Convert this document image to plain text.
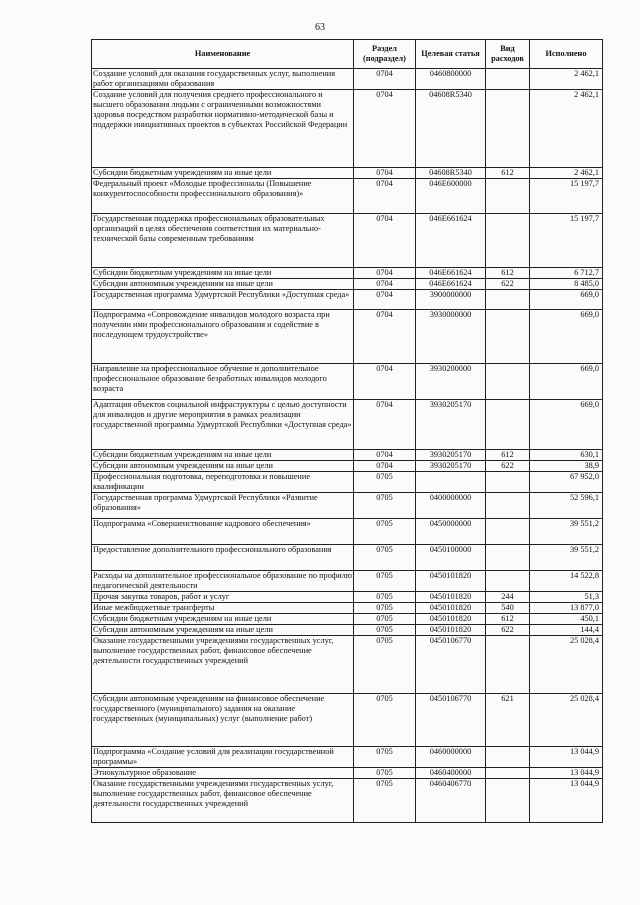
63
Наименование	Раздел (подраздел)	Целевая статья	Вид расходов	Исполнено
Создание условий для оказания государственных услуг, выполнения работ организациями образования	0704	0460800000		2 462,1
Создание условий для получения среднего профессионального и высшего образования людьми с ограниченными возможностями здоровья посредством разработки нормативно-методической базы и поддержки инициативных проектов в субъектах Российской Федерации	0704	04608R5340		2 462,1
Субсидии бюджетным учреждениям на иные цели	0704	04608R5340	612	2 462,1
Федеральный проект «Молодые профессионалы (Повышение конкурентоспособности профессионального образования)»	0704	046E600000		15 197,7
Государственная поддержка профессиональных образовательных организаций в целях обеспечения соответствия их материально-технической базы современным требованиям	0704	046E661624		15 197,7
Субсидии бюджетным учреждениям на иные цели	0704	046E661624	612	6 712,7
Субсидии автономным учреждениям на иные цели	0704	046E661624	622	8 485,0
Государственная программа Удмуртской Республики «Доступная среда»	0704	3900000000		669,0
Подпрограмма «Сопровождение инвалидов молодого возраста при получении ими профессионального образования и содействие в последующем трудоустройстве»	0704	3930000000		669,0
Направление на профессиональное обучение и дополнительное профессиональное образование безработных инвалидов молодого возраста	0704	3930200000		669,0
Адаптация объектов социальной инфраструктуры с целью доступности для инвалидов и другие мероприятия в рамках реализации государственной программы Удмуртской Республики «Доступная среда»	0704	3930205170		669,0
Субсидии бюджетным учреждениям на иные цели	0704	3930205170	612	630,1
Субсидии автономным учреждениям на иные цели	0704	3930205170	622	38,9
Профессиональная подготовка, переподготовка и повышение квалификации	0705			67 952,0
Государственная программа Удмуртской Республики «Развитие образования»	0705	0400000000		52 596,1
Подпрограмма «Совершенствование кадрового обеспечения»	0705	0450000000		39 551,2
Предоставление дополнительного профессионального образования	0705	0450100000		39 551,2
Расходы на дополнительное профессиональное образование по профилю педагогической деятельности	0705	0450101820		14 522,8
Прочая закупка товаров, работ и услуг	0705	0450101820	244	51,3
Иные межбюджетные трансферты	0705	0450101820	540	13 877,0
Субсидии бюджетным учреждениям на иные цели	0705	0450101820	612	450,1
Субсидии автономным учреждениям на иные цели	0705	0450101820	622	144,4
Оказание государственными учреждениями государственных услуг, выполнение государственных работ, финансовое обеспечение деятельности государственных учреждений	0705	0450106770		25 028,4
Субсидии автономным учреждениям на финансовое обеспечение государственного (муниципального) задания на оказание государственных (муниципальных) услуг (выполнение работ)	0705	0450106770	621	25 028,4
Подпрограмма «Создание условий для реализации государственной программы»	0705	0460000000		13 044,9
Этнокультурное образование	0705	0460400000		13 044,9
Оказание государственными учреждениями государственных услуг, выполнение государственных работ, финансовое обеспечение деятельности государственных учреждений	0705	0460406770		13 044,9
